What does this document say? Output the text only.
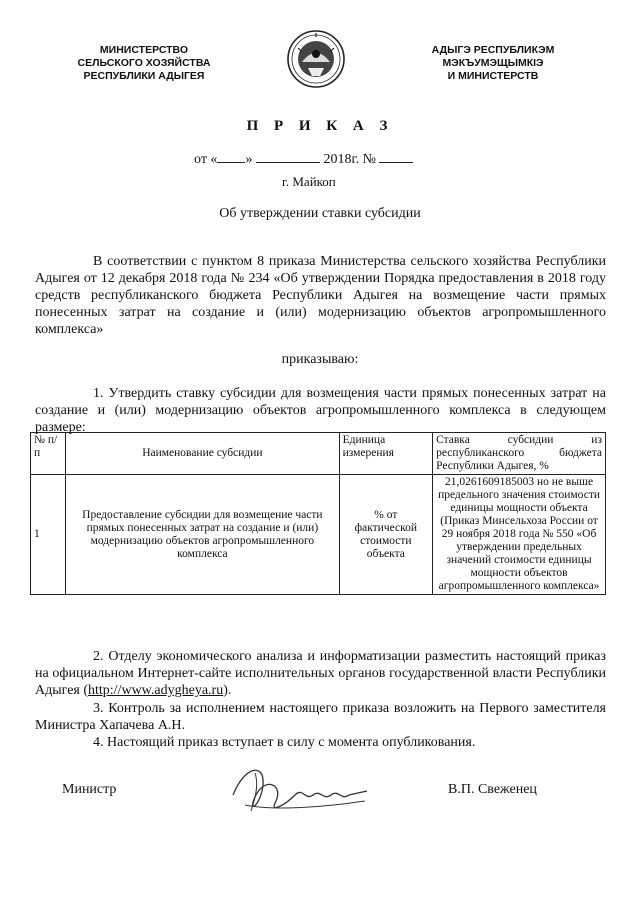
МИНИСТЕРСТВО
СЕЛЬСКОГО ХОЗЯЙСТВА
РЕСПУБЛИКИ АДЫГЕЯ
АДЫГЭ РЕСПУБЛИКЭМ
МЭКЪУМЭЩЫМКIЭ
И МИНИСТЕРСТВ
П Р И К А З
от « »	2018г. №
г. Майкоп
Об утверждении ставки субсидии

В соответствии с пунктом 8 приказа Министерства сельского хозяйства Республики Адыгея от 12 декабря 2018 года № 234 «Об утверждении Порядка предоставления в 2018 году средств республиканского бюджета Республики Адыгея на возмещение части прямых понесенных затрат на создание и (или) модернизацию объектов агропромышленного комплекса»

приказываю:

1. Утвердить ставку субсидии для возмещения части прямых понесенных затрат на создание и (или) модернизацию объектов агропромышленного комплекса в следующем размере:

№ п/п	Наименование субсидии	Единица измерения	Ставка субсидии из республиканского бюджета Республики Адыгея, %
1	Предоставление субсидии для возмещение части прямых понесенных затрат на создание и (или) модернизацию объектов агропромышленного комплекса	% от фактической стоимости объекта	21,0261609185003 но не выше предельного значения стоимости единицы мощности объекта (Приказ Минсельхоза России от 29 ноября 2018 года № 550 «Об утверждении предельных значений стоимости единицы мощности объектов агропромышленного комплекса»

2. Отделу экономического анализа и информатизации разместить настоящий приказ на официальном Интернет-сайте исполнительных органов государственной власти Республики Адыгея (http://www.adygheya.ru).

3. Контроль за исполнением настоящего приказа возложить на Первого заместителя Министра Хапачева А.Н.

4. Настоящий приказ вступает в силу с момента опубликования.

Министр	В.П. Свеженец
